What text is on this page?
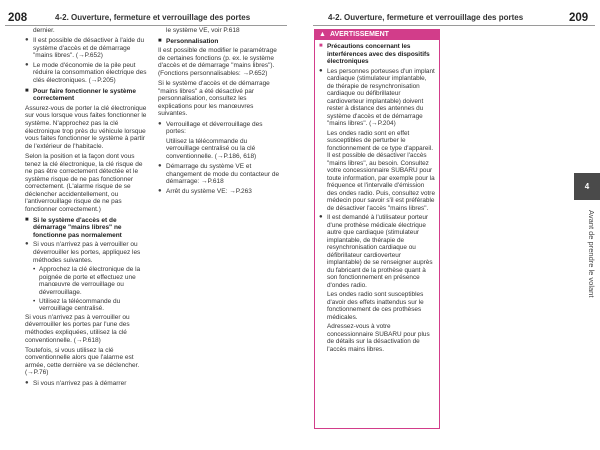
208	4-2. Ouverture, fermeture et verrouillage des portes	4-2. Ouverture, fermeture et verrouillage des portes	209

dernier.

● Il est possible de désactiver à l'aide du système d'accès et de démarrage "mains libres". (→P.652)
● Le mode d'économie de la pile peut réduire la consommation électrique des clés électroniques. (→P.205)
■ Pour faire fonctionner le système correctement

Assurez-vous de porter la clé électronique sur vous lorsque vous faites fonctionner le système. N'approchez pas la clé électronique trop près du véhicule lorsque vous faites fonctionner le système à partir de l'extérieur de l'habitacle.

Selon la position et la façon dont vous tenez la clé électronique, la clé risque de ne pas être correctement détectée et le système risque de ne pas fonctionner correctement. (L'alarme risque de se déclencher accidentellement, ou l'antiverrouillage risque de ne pas fonctionner correctement.)

■ Si le système d'accès et de démarrage "mains libres" ne fonctionne pas normalement
● Si vous n'arrivez pas à verrouiller ou déverrouiller les portes, appliquez les méthodes suivantes.
• Approchez la clé électronique de la poignée de porte et effectuez une manœuvre de verrouillage ou déverrouillage.
• Utilisez la télécommande du verrouillage centralisé.

Si vous n'arrivez pas à verrouiller ou déverrouiller les portes par l'une des méthodes expliquées, utilisez la clé conventionnelle. (→P.618)

Toutefois, si vous utilisez la clé conventionnelle alors que l'alarme est armée, cette dernière va se déclencher. (→P.76)

● Si vous n'arrivez pas à démarrer

le système VE, voir P.618

■ Personnalisation

Il est possible de modifier le paramétrage de certaines fonctions (p. ex. le système d'accès et de démarrage "mains libres"). (Fonctions personnalisables: →P.652)

Si le système d'accès et de démarrage "mains libres" a été désactivé par personnalisation, consultez les explications pour les manœuvres suivantes.

● Verrouillage et déverrouillage des portes:

Utilisez la télécommande du verrouillage centralisé ou la clé conventionnelle. (→P.186, 618)

● Démarrage du système VE et changement de mode du contacteur de démarrage: →P.618
● Arrêt du système VE: →P.263
▲ AVERTISSEMENT
■ Précautions concernant les interférences avec des dispositifs électroniques
● Les personnes porteuses d'un implant cardiaque (stimulateur implantable, de thérapie de resynchronisation cardiaque ou défibrillateur cardioverteur implantable) doivent rester à distance des antennes du système d'accès et de démarrage "mains libres". (→P.204)

Les ondes radio sont en effet susceptibles de perturber le fonctionnement de ce type d'appareil. Il est possible de désactiver l'accès "mains libres", au besoin. Consultez votre concessionnaire SUBARU pour toute information, par exemple pour la fréquence et l'intervalle d'émission des ondes radio. Puis, consultez votre médecin pour savoir s'il est préférable de désactiver l'accès "mains libres".

● Il est demandé à l'utilisateur porteur d'une prothèse médicale électrique autre que cardiaque (stimulateur implantable, de thérapie de resynchronisation cardiaque ou défibrillateur cardioverteur implantable) de se renseigner auprès du fabricant de la prothèse quant à son fonctionnement en présence d'ondes radio.

Les ondes radio sont susceptibles d'avoir des effets inattendus sur le fonctionnement de ces prothèses médicales.

Adressez-vous à votre concessionnaire SUBARU pour plus de détails sur la désactivation de l'accès mains libres.

4
Avant de prendre le volant
